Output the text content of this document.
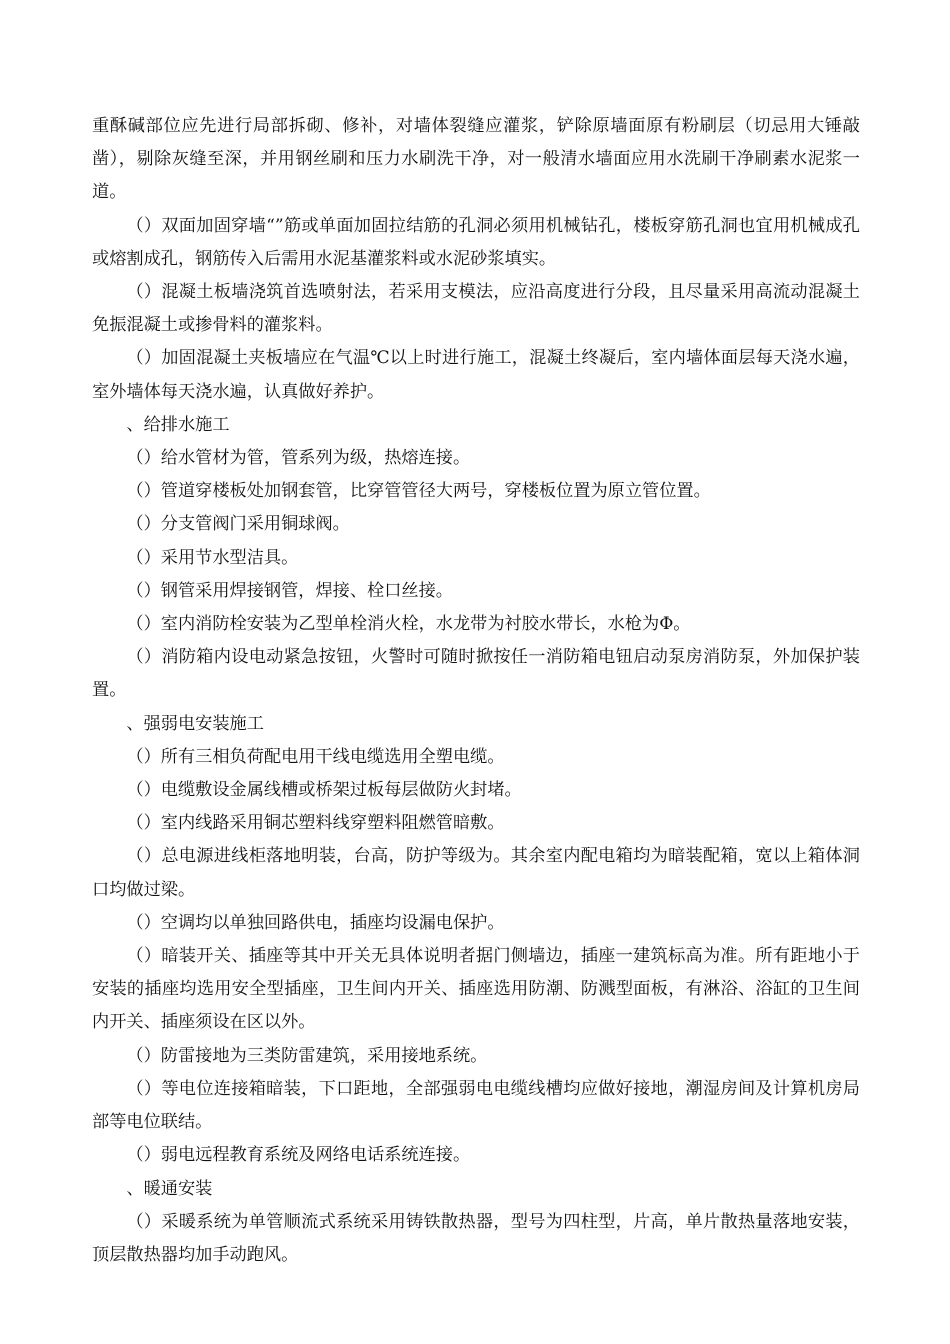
重酥碱部位应先进行局部拆砌、修补，对墙体裂缝应灌浆，铲除原墙面原有粉刷层（切忌用大锤敲凿），剔除灰缝至深，并用钢丝刷和压力水刷洗干净，对一般清水墙面应用水洗刷干净刷素水泥浆一道。

（）双面加固穿墙“”筋或单面加固拉结筋的孔洞必须用机械钻孔，楼板穿筋孔洞也宜用机械成孔或熔割成孔，钢筋传入后需用水泥基灌浆料或水泥砂浆填实。

（）混凝土板墙浇筑首选喷射法，若采用支模法，应沿高度进行分段，且尽量采用高流动混凝土免振混凝土或掺骨料的灌浆料。

（）加固混凝土夹板墙应在气温℃以上时进行施工，混凝土终凝后，室内墙体面层每天浇水遍，室外墙体每天浇水遍，认真做好养护。

、给排水施工

（）给水管材为管，管系列为级，热熔连接。

（）管道穿楼板处加钢套管，比穿管管径大两号，穿楼板位置为原立管位置。

（）分支管阀门采用铜球阀。

（）采用节水型洁具。

（）钢管采用焊接钢管，焊接、栓口丝接。

（）室内消防栓安装为乙型单栓消火栓，水龙带为衬胶水带长，水枪为Φ。

（）消防箱内设电动紧急按钮，火警时可随时掀按任一消防箱电钮启动泵房消防泵，外加保护装置。

、强弱电安装施工

（）所有三相负荷配电用干线电缆选用全塑电缆。

（）电缆敷设金属线槽或桥架过板每层做防火封堵。

（）室内线路采用铜芯塑料线穿塑料阻燃管暗敷。

（）总电源进线柜落地明装，台高，防护等级为。其余室内配电箱均为暗装配箱，宽以上箱体洞口均做过梁。

（）空调均以单独回路供电，插座均设漏电保护。

（）暗装开关、插座等其中开关无具体说明者据门侧墙边，插座一建筑标高为准。所有距地小于安装的插座均选用安全型插座，卫生间内开关、插座选用防潮、防溅型面板，有淋浴、浴缸的卫生间内开关、插座须设在区以外。

（）防雷接地为三类防雷建筑，采用接地系统。

（）等电位连接箱暗装，下口距地，全部强弱电电缆线槽均应做好接地，潮湿房间及计算机房局部等电位联结。

（）弱电远程教育系统及网络电话系统连接。

、暖通安装

（）采暖系统为单管顺流式系统采用铸铁散热器，型号为四柱型，片高，单片散热量落地安装，顶层散热器均加手动跑风。
